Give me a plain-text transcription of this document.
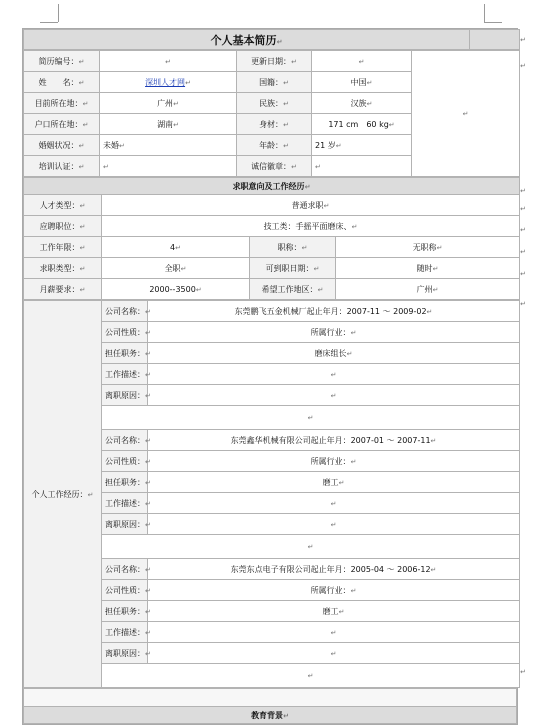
↵
↵
↵
↵
↵
↵
↵
↵
↵
个人基本简历↵	
简历编号：↵	↵	更新日期：↵	↵	↵
姓　　名：↵	深圳人才网↵	国籍：↵	中国↵	
目前所在地：↵	广州↵	民族：↵	汉族↵	
户口所在地：↵	湖南↵	身材：↵	171 cm　60 kg↵	
婚姻状况：↵	未婚↵	年龄：↵	21 岁↵	
培训认证：↵	↵	诚信徽章：↵	↵	
求职意向及工作经历↵			
人才类型：↵	普通求职↵		
应聘职位：↵	技工类：手摇平面磨床、↵		
工作年限：↵	4↵	职称：↵	无职称↵
求职类型：↵	全职↵	可到职日期：↵	随时↵
月薪要求：↵	2000--3500↵	希望工作地区：↵	广州↵
个人工作经历：↵	公司名称：↵	东莞鹏飞五金机械厂起止年月：2007-11 ～ 2009-02↵
	公司性质：↵	所属行业：↵
	担任职务：↵	磨床组长↵
	工作描述：↵	↵
	离职原因：↵	↵
	↵	
	公司名称：↵	东莞鑫华机械有限公司起止年月：2007-01 ～ 2007-11↵
	公司性质：↵	所属行业：↵
	担任职务：↵	磨工↵
	工作描述：↵	↵
	离职原因：↵	↵
	↵	
	公司名称：↵	东莞东点电子有限公司起止年月：2005-04 ～ 2006-12↵
	公司性质：↵	所属行业：↵
	担任职务：↵	磨工↵
	工作描述：↵	↵
	离职原因：↵	↵
	↵	

教育背景↵
